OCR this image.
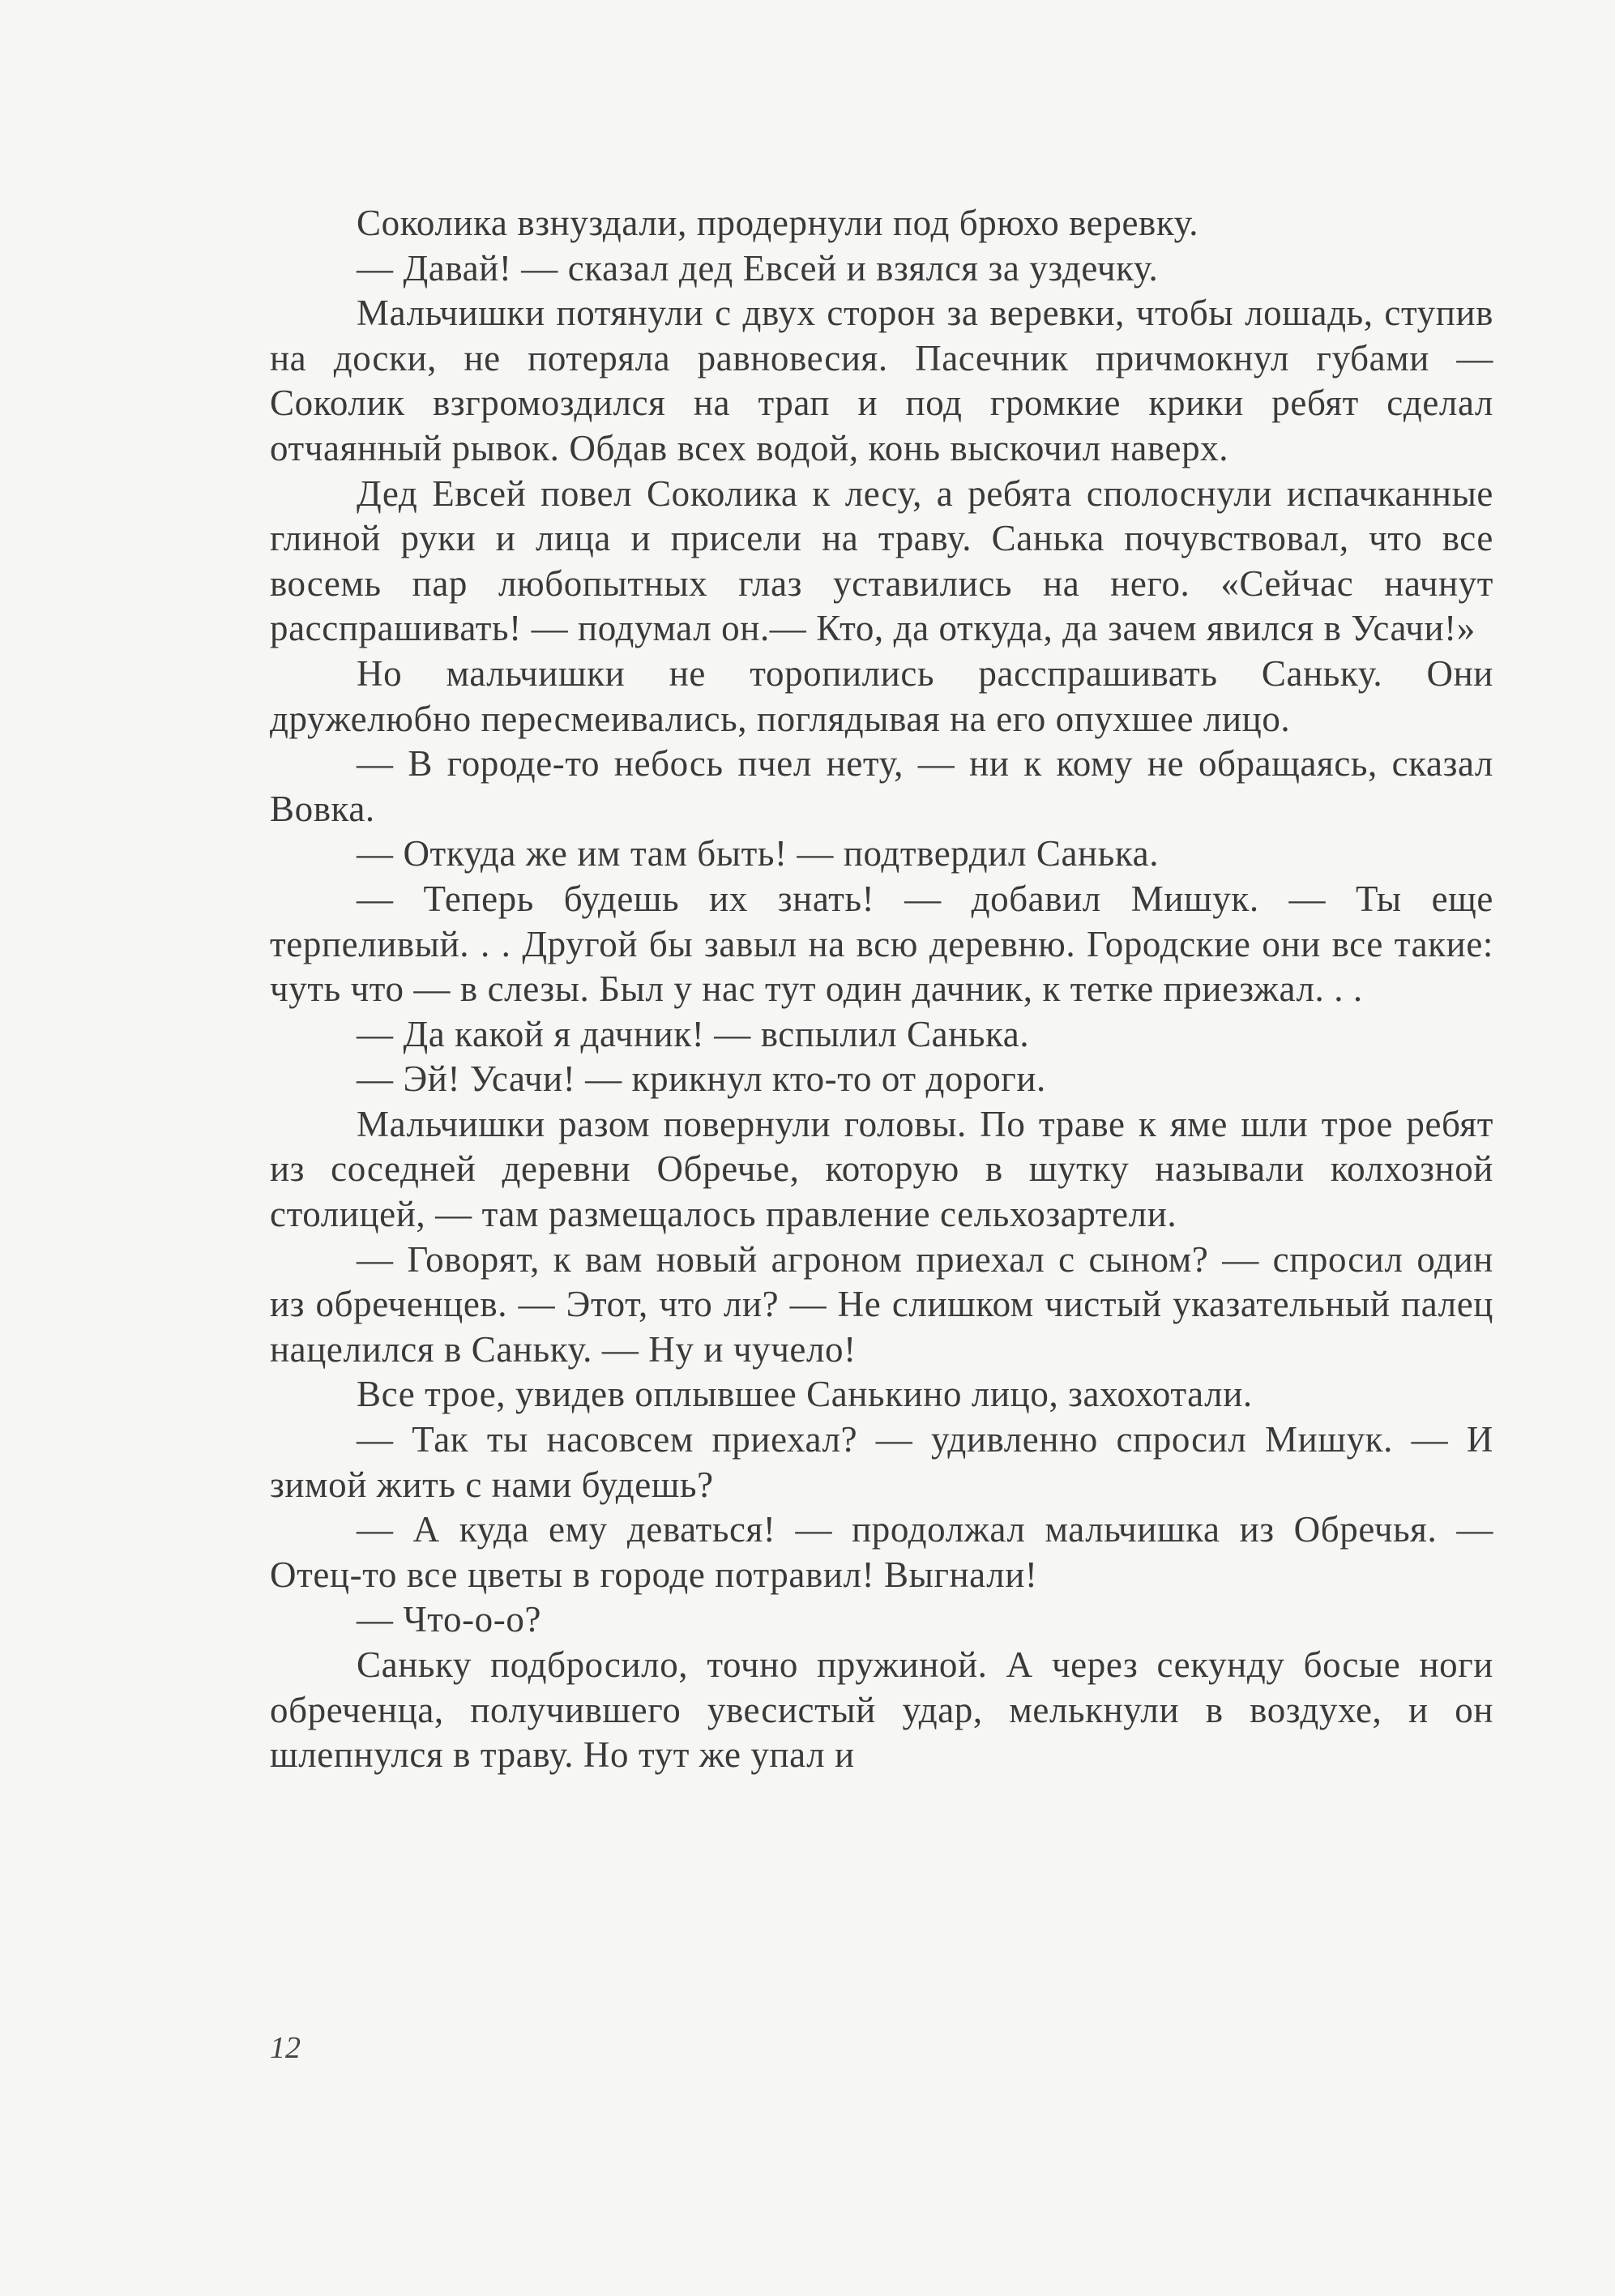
Соколика взнуздали, продернули под брюхо веревку.

— Давай! — сказал дед Евсей и взялся за уздечку.

Мальчишки потянули с двух сторон за веревки, чтобы лошадь, ступив на доски, не потеряла равновесия. Пасечник причмокнул губами — Соколик взгромоздился на трап и под громкие крики ребят сделал отчаянный рывок. Обдав всех водой, конь выскочил наверх.

Дед Евсей повел Соколика к лесу, а ребята сполоснули испачканные глиной руки и лица и присели на траву. Санька почувствовал, что все восемь пар любопытных глаз уставились на него. «Сейчас начнут расспрашивать! — подумал он.— Кто, да откуда, да зачем явился в Усачи!»

Но мальчишки не торопились расспрашивать Саньку. Они дружелюбно пересмеивались, поглядывая на его опухшее лицо.

— В городе-то небось пчел нету, — ни к кому не обращаясь, сказал Вовка.

— Откуда же им там быть! — подтвердил Санька.

— Теперь будешь их знать! — добавил Мишук. — Ты еще терпеливый. . . Другой бы завыл на всю деревню. Городские они все такие: чуть что — в слезы. Был у нас тут один дачник, к тетке приезжал. . .

— Да какой я дачник! — вспылил Санька.

— Эй! Усачи! — крикнул кто-то от дороги.

Мальчишки разом повернули головы. По траве к яме шли трое ребят из соседней деревни Обречье, которую в шутку называли колхозной столицей, — там размещалось правление сельхозартели.

— Говорят, к вам новый агроном приехал с сыном? — спросил один из обреченцев. — Этот, что ли? — Не слишком чистый указательный палец нацелился в Саньку. — Ну и чучело!

Все трое, увидев оплывшее Санькино лицо, захохотали.

— Так ты насовсем приехал? — удивленно спросил Мишук. — И зимой жить с нами будешь?

— А куда ему деваться! — продолжал мальчишка из Обречья. — Отец-то все цветы в городе потравил! Выгнали!

— Что-о-о?

Саньку подбросило, точно пружиной. А через секунду босые ноги обреченца, получившего увесистый удар, мелькнули в воздухе, и он шлепнулся в траву. Но тут же упал и

12
